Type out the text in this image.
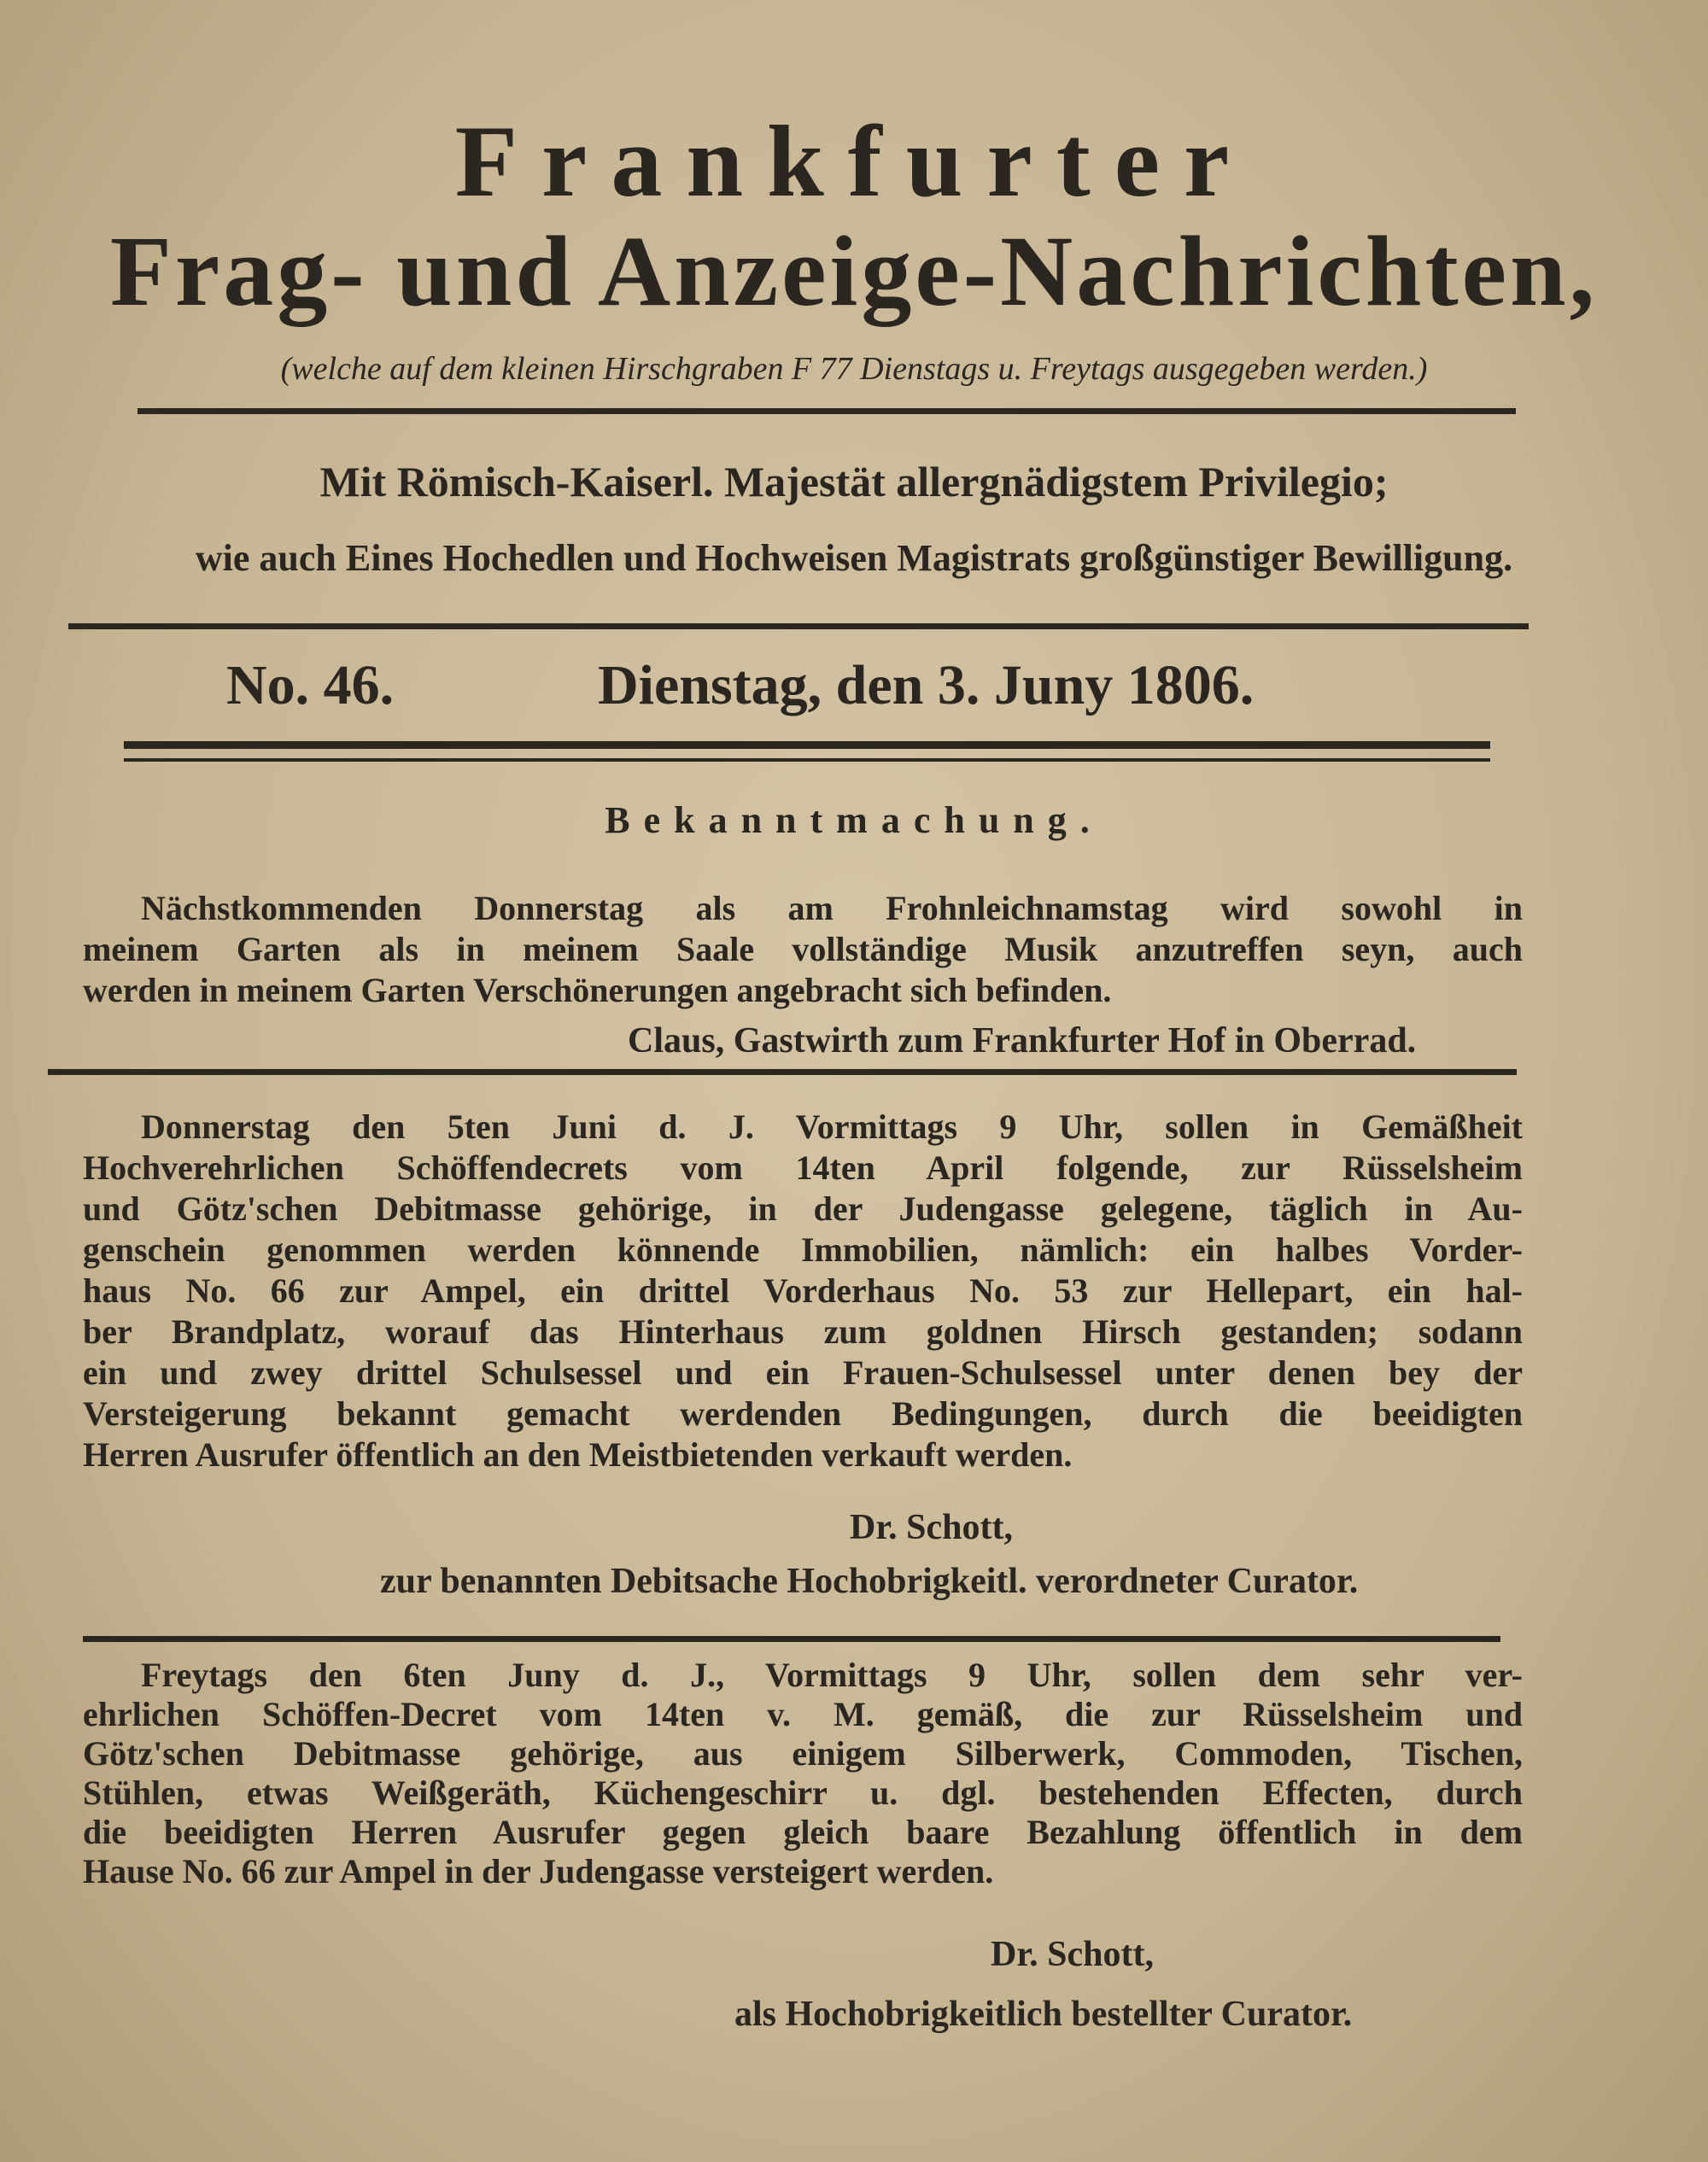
Frankfurter
Frag- und Anzeige-Nachrichten,
(welche auf dem kleinen Hirschgraben F 77 Dienstags u. Freytags ausgegeben werden.)
Mit Römisch-Kaiserl. Majestät allergnädigstem Privilegio;
wie auch Eines Hochedlen und Hochweisen Magistrats großgünstiger Bewilligung.
No. 46.	Dienstag, den 3. Juny 1806.
Bekanntmachung.
Nächstkommenden Donnerstag als am Frohnleichnamstag wird sowohl in
meinem Garten als in meinem Saale vollständige Musik anzutreffen seyn, auch
werden in meinem Garten Verschönerungen angebracht sich befinden.
Claus, Gastwirth zum Frankfurter Hof in Oberrad.
Donnerstag den 5ten Juni d. J. Vormittags 9 Uhr, sollen in Gemäßheit
Hochverehrlichen Schöffendecrets vom 14ten April folgende, zur Rüsselsheim
und Götz'schen Debitmasse gehörige, in der Judengasse gelegene, täglich in Au-
genschein genommen werden könnende Immobilien, nämlich: ein halbes Vorder-
haus No. 66 zur Ampel, ein drittel Vorderhaus No. 53 zur Hellepart, ein hal-
ber Brandplatz, worauf das Hinterhaus zum goldnen Hirsch gestanden; sodann
ein und zwey drittel Schulsessel und ein Frauen-Schulsessel unter denen bey der
Versteigerung bekannt gemacht werdenden Bedingungen, durch die beeidigten
Herren Ausrufer öffentlich an den Meistbietenden verkauft werden.
Dr. Schott,
zur benannten Debitsache Hochobrigkeitl. verordneter Curator.
Freytags den 6ten Juny d. J., Vormittags 9 Uhr, sollen dem sehr ver-
ehrlichen Schöffen-Decret vom 14ten v. M. gemäß, die zur Rüsselsheim und
Götz'schen Debitmasse gehörige, aus einigem Silberwerk, Commoden, Tischen,
Stühlen, etwas Weißgeräth, Küchengeschirr u. dgl. bestehenden Effecten, durch
die beeidigten Herren Ausrufer gegen gleich baare Bezahlung öffentlich in dem
Hause No. 66 zur Ampel in der Judengasse versteigert werden.
Dr. Schott,
als Hochobrigkeitlich bestellter Curator.
